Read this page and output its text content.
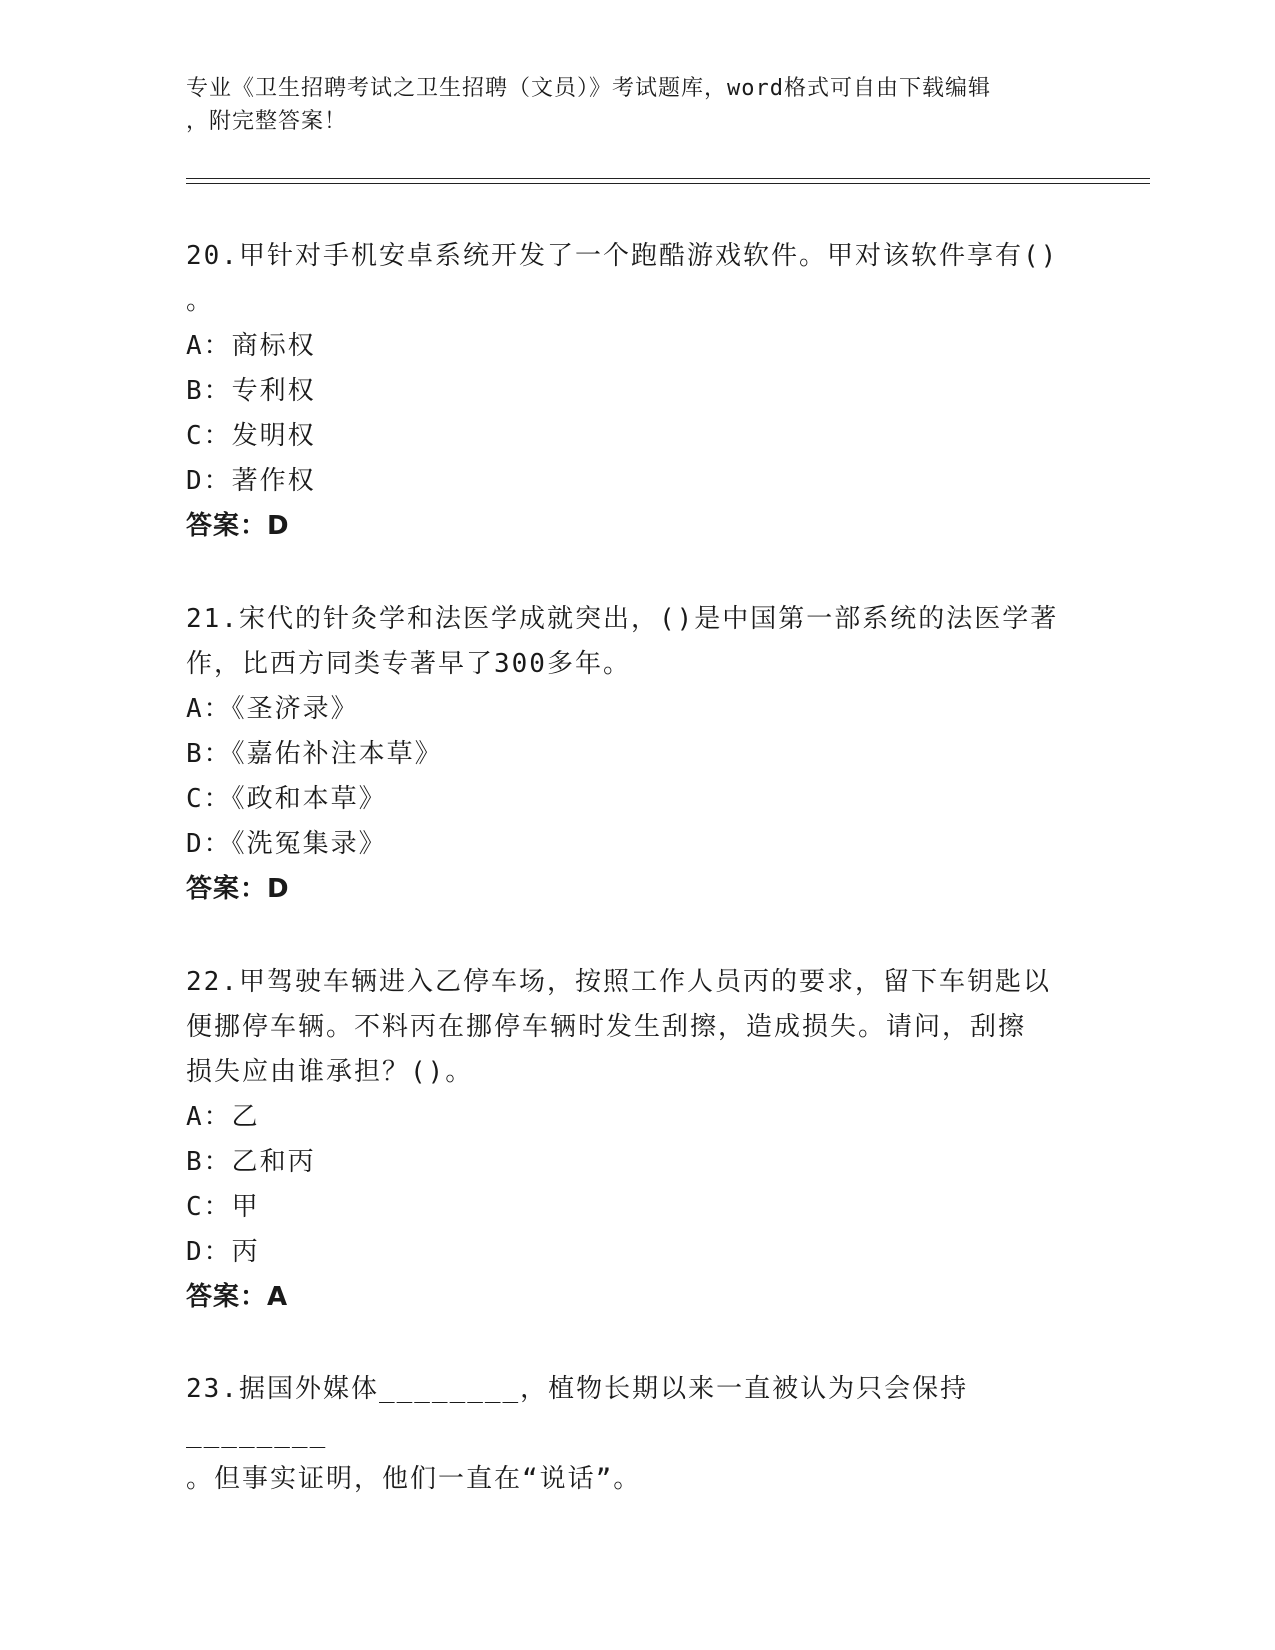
专业《卫生招聘考试之卫生招聘（文员）》考试题库，word格式可自由下载编辑
，附完整答案！

20.甲针对手机安卓系统开发了一个跑酷游戏软件。甲对该软件享有()

。

A：商标权

B：专利权

C：发明权

D：著作权

答案：D

21.宋代的针灸学和法医学成就突出，()是中国第一部系统的法医学著

作，比西方同类专著早了300多年。

A：《圣济录》

B：《嘉佑补注本草》

C：《政和本草》

D：《洗冤集录》

答案：D

22.甲驾驶车辆进入乙停车场，按照工作人员丙的要求，留下车钥匙以

便挪停车辆。不料丙在挪停车辆时发生刮擦，造成损失。请问，刮擦

损失应由谁承担？()。

A：乙

B：乙和丙

C：甲

D：丙

答案：A

23.据国外媒体________，植物长期以来一直被认为只会保持________

。但事实证明，他们一直在“说话”。
